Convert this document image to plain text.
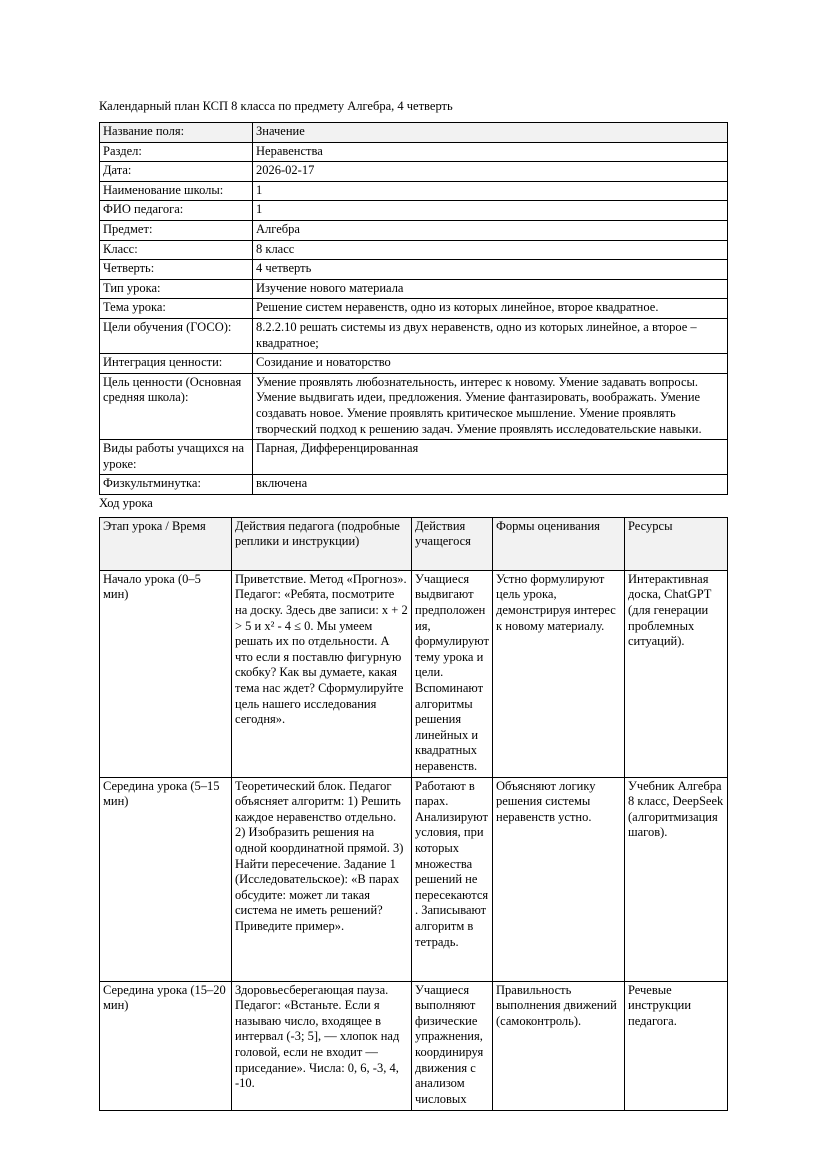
Календарный план КСП 8 класса по предмету Алгебра, 4 четверть
Название поля:	Значение
Раздел:	Неравенства
Дата:	2026-02-17
Наименование школы:	1
ФИО педагога:	1
Предмет:	Алгебра
Класс:	8 класс
Четверть:	4 четверть
Тип урока:	Изучение нового материала
Тема урока:	Решение систем неравенств, одно из которых линейное, второе квадратное.
Цели обучения (ГОСО):	8.2.2.10 решать системы из двух неравенств, одно из которых линейное, а второе – квадратное;
Интеграция ценности:	Созидание и новаторство
Цель ценности (Основная средняя школа):	Умение проявлять любознательность, интерес к новому. Умение задавать вопросы. Умение выдвигать идеи, предложения. Умение фантазировать, воображать. Умение создавать новое. Умение проявлять критическое мышление. Умение проявлять творческий подход к решению задач. Умение проявлять исследовательские навыки.
Виды работы учащихся на уроке:	Парная, Дифференцированная
Физкультминутка:	включена
Ход урока
Этап урока / Время	Действия педагога (подробные реплики и инструкции)	Действия учащегося	Формы оценивания	Ресурсы
Начало урока (0–5 мин)	Приветствие. Метод «Прогноз». Педагог: «Ребята, посмотрите на доску. Здесь две записи: x + 2 > 5 и x² - 4 ≤ 0. Мы умеем решать их по отдельности. А что если я поставлю фигурную скобку? Как вы думаете, какая тема нас ждет? Сформулируйте цель нашего исследования сегодня».	Учащиеся выдвигают предположения, формулируют тему урока и цели. Вспоминают алгоритмы решения линейных и квадратных неравенств.	Устно формулируют цель урока, демонстрируя интерес к новому материалу.	Интерактивная доска, ChatGPT (для генерации проблемных ситуаций).
Середина урока (5–15 мин)	Теоретический блок. Педагог объясняет алгоритм: 1) Решить каждое неравенство отдельно. 2) Изобразить решения на одной координатной прямой. 3) Найти пересечение. Задание 1 (Исследовательское): «В парах обсудите: может ли такая система не иметь решений? Приведите пример».	Работают в парах. Анализируют условия, при которых множества решений не пересекаются. Записывают алгоритм в тетрадь.	Объясняют логику решения системы неравенств устно.	Учебник Алгебра 8 класс, DeepSeek (алгоритмизация шагов).
Середина урока (15–20 мин)	Здоровьесберегающая пауза. Педагог: «Встаньте. Если я называю число, входящее в интервал (-3; 5], — хлопок над головой, если не входит — приседание». Числа: 0, 6, -3, 4, -10.	Учащиеся выполняют физические упражнения, координируя движения с анализом числовых	Правильность выполнения движений (самоконтроль).	Речевые инструкции педагога.
